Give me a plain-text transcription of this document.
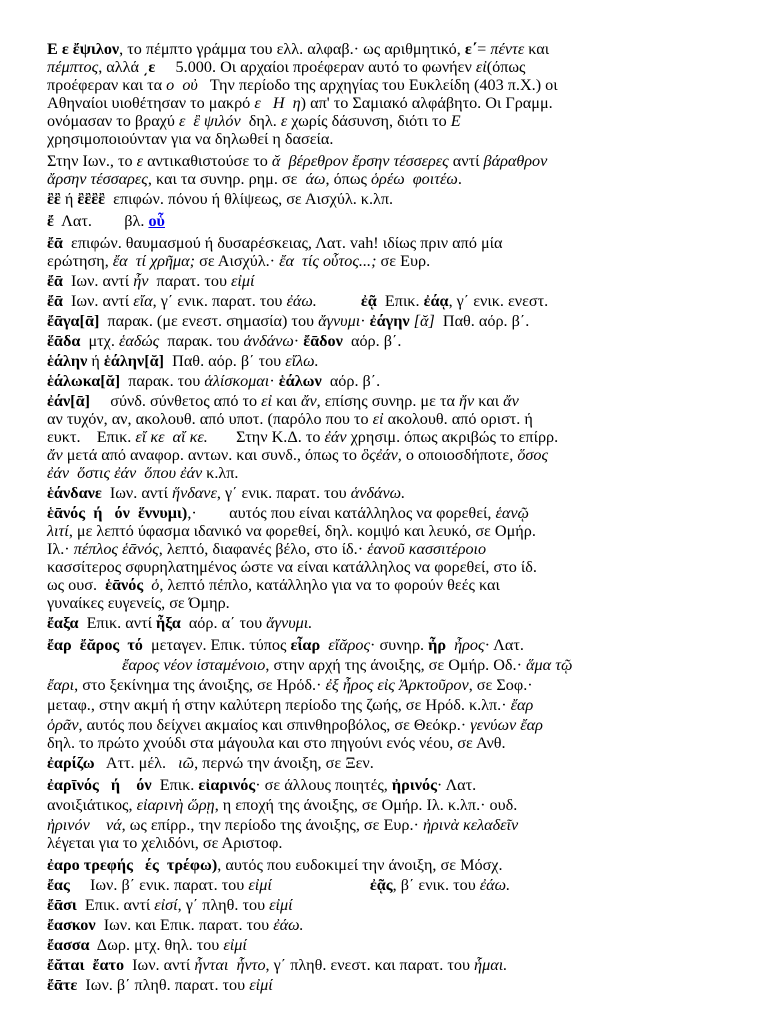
Ε ε ἔψιλον, το πέμπτο γράμμα του ελλ. αλφαβ.· ως αριθμητικό, ε΄= πέντε και
πέμπτος, αλλά ͵ε     5.000. Οι αρχαίοι προέφεραν αυτό το φωνήεν εἰ(όπως
προέφεραν και τα ο  οὐ   Την περίοδο της αρχηγίας του Ευκλείδη (403 π.Χ.) οι
Αθηναίοι υιοθέτησαν το μακρό ε   Η  η) απ' το Σαμιακό αλφάβητο. Οι Γραμμ.
ονόμασαν το βραχύ ε  ἒ ψιλόν  δηλ. ε χωρίς δάσυνση, διότι το Ε
χρησιμοποιούνταν για να δηλωθεί η δασεία.
Στην Ιων., το ε αντικαθιστούσε το ᾰ  βέρεθρον ἔρσην τέσσερες αντί βάραθρον
ἄρσην τέσσαρες, και τα συνηρ. ρημ. σε  άω, όπως ὁρέω  φοιτέω.
ἒἒ ή ἒἒἒἒ  επιφών. πόνου ή θλίψεως, σε Αισχύλ. κ.λπ.
ἔ  Λατ.        βλ. οὗ
ἔᾱ  επιφών. θαυμασμού ή δυσαρέσκειας, Λατ. vah! ιδίως πριν από μία
ερώτηση, ἔα  τί χρῆμα; σε Αισχύλ.· ἔα  τίς οὗτος...; σε Ευρ.
ἔᾱ  Ιων. αντί ἦν  παρατ. του εἰμί
ἔᾱ  Ιων. αντί εἴα, γ΄ ενικ. παρατ. του ἐάω.	ἐᾷ  Επικ. ἐάᾳ, γ΄ ενικ. ενεστ.
ἔᾱγα[ᾱ]  παρακ. (με ενεστ. σημασία) του ἄγνυμι· ἐάγην [ᾰ]  Παθ. αόρ. β΄.
ἕᾱδα  μτχ. ἑαδώς  παρακ. του ἁνδάνω· ἔᾱδον  αόρ. β΄.
ἑάλην ή ἑάλην[ᾰ]  Παθ. αόρ. β΄ του εἴλω.
ἑάλωκα[ᾰ]  παρακ. του ἁλίσκομαι· ἑάλων  αόρ. β΄.
ἐάν[ᾱ]     σύνδ. σύνθετος από το εἰ και ἄν, επίσης συνηρ. με τα ἤν και ἄν
αν τυχόν, αν, ακολουθ. από υποτ. (παρόλο που το εἰ ακολουθ. από οριστ. ή
ευκτ.    Επικ. εἴ κε  αἴ κε.       Στην Κ.Δ. το ἐάν χρησιμ. όπως ακριβώς το επίρρ.
ἄν μετά από αναφορ. αντων. και συνδ., όπως το ὃςἐάν, ο οποιοσδήποτε, ὅσος
ἐάν  ὅστις ἐάν  ὅπου ἐάν κ.λπ.
ἑάνδανε  Ιων. αντί ἥνδανε, γ΄ ενικ. παρατ. του ἁνδάνω.
ἑᾱνός  ή   όν  ἕννυμι),·        αυτός που είναι κατάλληλος να φορεθεί, ἑανῷ
λιτί, με λεπτό ύφασμα ιδανικό να φορεθεί, δηλ. κομψό και λευκό, σε Ομήρ.
Ιλ.· πέπλος ἑᾱνός, λεπτό, διαφανές βέλο, στο ίδ.· ἑανοῦ κασσιτέροιο
κασσίτερος σφυρηλατημένος ώστε να είναι κατάλληλος να φορεθεί, στο ίδ.
ως ουσ.  ἑᾱνός ὁ, λεπτό πέπλο, κατάλληλο για να το φορούν θεές και
γυναίκες ευγενείς, σε Όμηρ.
ἔαξα  Επικ. αντί ἦξα  αόρ. α΄ του ἄγνυμι.
ἔαρ  ἔᾰρος  τό  μεταγεν. Επικ. τύπος εἶαρ εἴᾰρος· συνηρ. ἦρ ἦρος· Λατ.
ἔαρος νέον ἱσταμένοιο, στην αρχή της άνοιξης, σε Ομήρ. Οδ.· ἅμα τῷ
ἔαρι, στο ξεκίνημα της άνοιξης, σε Ηρόδ.· ἐξ ἦρος εἰς Ἀρκτοῦρον, σε Σοφ.·
μεταφ., στην ακμή ή στην καλύτερη περίοδο της ζωής, σε Ηρόδ. κ.λπ.· ἔαρ
ὁρᾶν, αυτός που δείχνει ακμαίος και σπινθηροβόλος, σε Θεόκρ.· γενύων ἔαρ
δηλ. το πρώτο χνούδι στα μάγουλα και στο πηγούνι ενός νέου, σε Ανθ.
ἐαρίζω   Αττ. μέλ.   ιῶ, περνώ την άνοιξη, σε Ξεν.
ἐαρῑνός   ή    όν  Επικ. εἰαρινός· σε άλλους ποιητές, ἠρινός· Λατ.
ανοιξιάτικος, εἰαρινὴ ὥρῃ, η εποχή της άνοιξης, σε Ομήρ. Ιλ. κ.λπ.· ουδ.
ἠρινόν    νά, ως επίρρ., την περίοδο της άνοιξης, σε Ευρ.· ἠρινὰ κελαδεῖν
λέγεται για το χελιδόνι, σε Αριστοφ.
ἐαρο τρεφής   ές  τρέφω), αυτός που ευδοκιμεί την άνοιξη, σε Μόσχ.
ἔας     Ιων. β΄ ενικ. παρατ. του εἰμί	ἐᾷς, β΄ ενικ. του ἐάω.
ἔᾱσι  Επικ. αντί εἰσί, γ΄ πληθ. του εἰμί
ἔασκον  Ιων. και Επικ. παρατ. του ἐάω.
ἔασσα  Δωρ. μτχ. θηλ. του εἰμί
ἔᾰται  ἔατο  Ιων. αντί ἧνται  ἧντο, γ΄ πληθ. ενεστ. και παρατ. του ἧμαι.
ἔᾱτε  Ιων. β΄ πληθ. παρατ. του εἰμί
